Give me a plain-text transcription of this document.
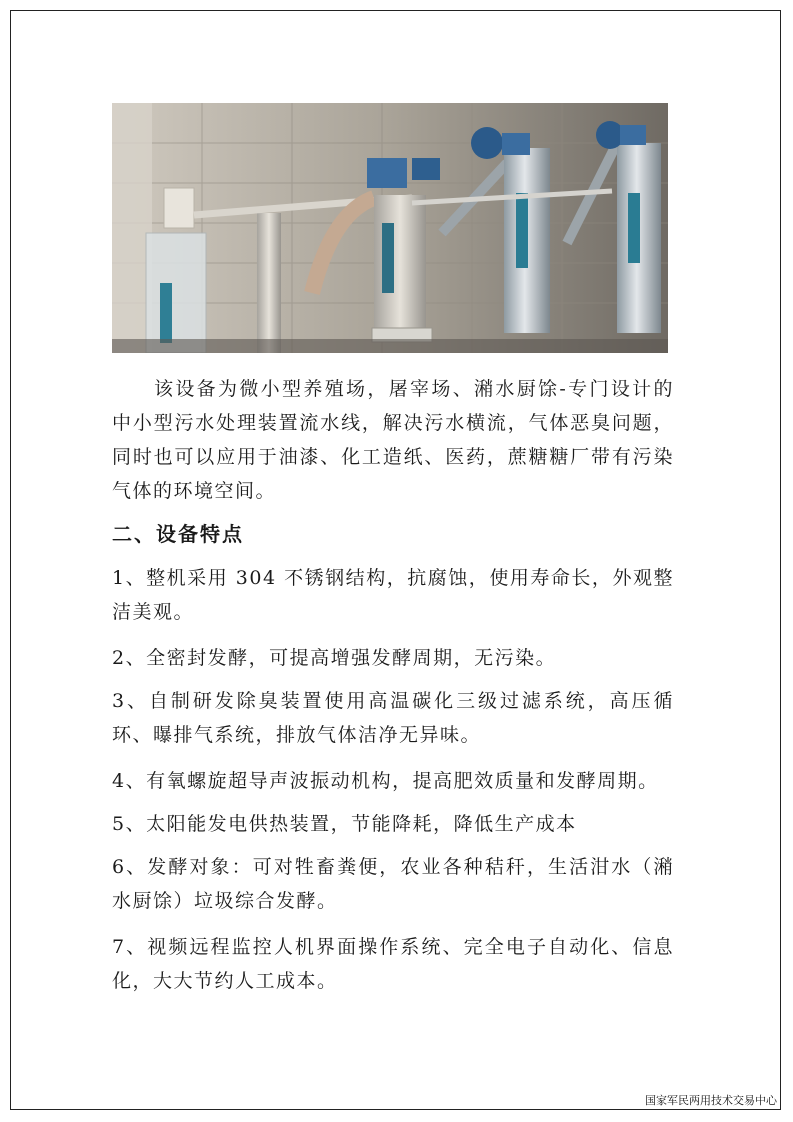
该设备为微小型养殖场，屠宰场、潲水厨馀-专门设计的中小型污水处理装置流水线，解决污水横流，气体恶臭问题，同时也可以应用于油漆、化工造纸、医药，蔗糖糖厂带有污染气体的环境空间。

二、设备特点

1、整机采用 304 不锈钢结构，抗腐蚀，使用寿命长，外观整洁美观。

2、全密封发酵，可提高增强发酵周期，无污染。

3、自制研发除臭装置使用高温碳化三级过滤系统，高压循环、曝排气系统，排放气体洁净无异味。

4、有氧螺旋超导声波振动机构，提高肥效质量和发酵周期。

5、太阳能发电供热装置，节能降耗，降低生产成本

6、发酵对象：可对牲畜粪便，农业各种秸秆，生活泔水（潲水厨馀）垃圾综合发酵。

7、视频远程监控人机界面操作系统、完全电子自动化、信息化，大大节约人工成本。

国家军民两用技术交易中心
